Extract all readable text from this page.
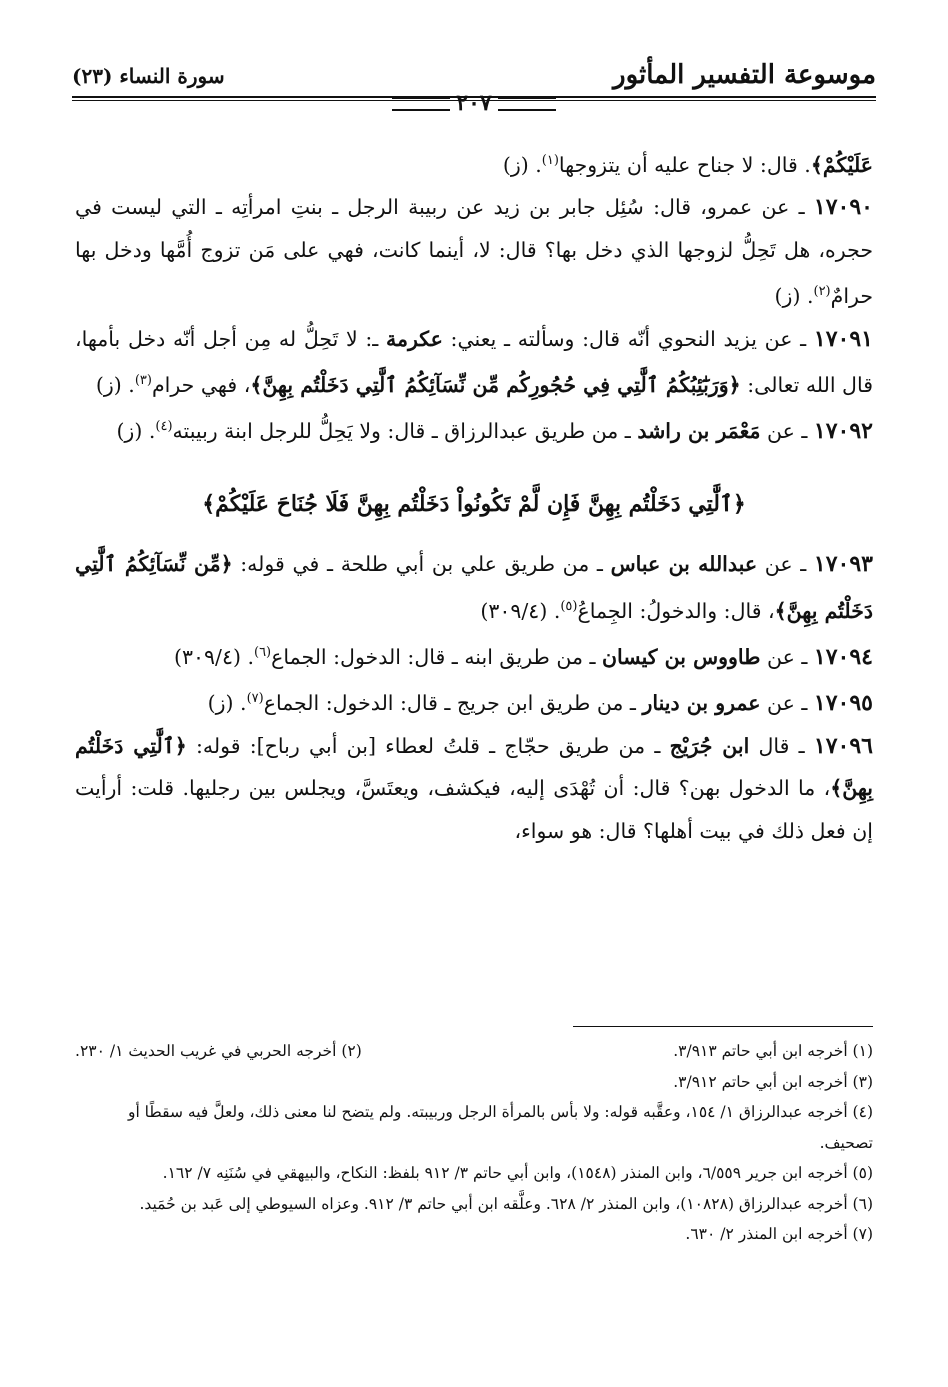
موسوعة التفسير المأثور
سورة النساء (٢٣)
٢٠٧

عَلَيْكُمْ﴾. قال: لا جناح عليه أن يتزوجها$^{(١)}$. (ز)

١٧٠٩٠ ـ عن عمرو، قال: سُئِل جابر بن زيد عن ربيبة الرجل ـ بنتِ امرأتِه ـ التي ليست في حجره، هل تَحِلُّ لزوجها الذي دخل بها؟ قال: لا، أينما كانت، فهي على مَن تزوج أُمَّها ودخل بها حرامٌ$^{(٢)}$. (ز)

١٧٠٩١ ـ عن يزيد النحوي أنّه قال: وسألته ـ يعني: عكرمة ـ: لا تَحِلُّ له مِن أجل أنّه دخل بأمها، قال الله تعالى: ﴿وَرَبَٰٓئِبُكُمُ ٱلَّٰتِي فِي حُجُورِكُم مِّن نِّسَآئِكُمُ ٱلَّٰتِي دَخَلْتُم بِهِنَّ﴾، فهي حرام$^{(٣)}$. (ز)

١٧٠٩٢ ـ عن مَعْمَر بن راشد ـ من طريق عبدالرزاق ـ قال: ولا يَحِلُّ للرجل ابنة ربيبته$^{(٤)}$. (ز)

﴿ٱلَّٰتِي دَخَلْتُم بِهِنَّ فَإِن لَّمْ تَكُونُواْ دَخَلْتُم بِهِنَّ فَلَا جُنَاحَ عَلَيْكُمْ﴾

١٧٠٩٣ ـ عن عبدالله بن عباس ـ من طريق علي بن أبي طلحة ـ في قوله: ﴿مِّن نِّسَآئِكُمُ ٱلَّٰتِي دَخَلْتُم بِهِنَّ﴾، قال: والدخولُ: الجِماعُ$^{(٥)}$. (٣٠٩/٤)

١٧٠٩٤ ـ عن طاووس بن كيسان ـ من طريق ابنه ـ قال: الدخول: الجماع$^{(٦)}$. (٣٠٩/٤)

١٧٠٩٥ ـ عن عمرو بن دينار ـ من طريق ابن جريج ـ قال: الدخول: الجماع$^{(٧)}$. (ز)

١٧٠٩٦ ـ قال ابن جُرَيْج ـ من طريق حجّاج ـ قلتُ لعطاء [بن أبي رباح]: قوله: ﴿ٱلَّٰتِي دَخَلْتُم بِهِنَّ﴾، ما الدخول بهن؟ قال: أن تُهْدَى إليه، فيكشف، ويعتَسَّ، ويجلس بين رجليها. قلت: أرأيت إن فعل ذلك في بيت أهلها؟ قال: هو سواء،

(١) أخرجه ابن أبي حاتم ٣/٩١٣.
(٢) أخرجه الحربي في غريب الحديث ١/ ٢٣٠.
(٣) أخرجه ابن أبي حاتم ٣/٩١٢.
(٤) أخرجه عبدالرزاق ١/ ١٥٤، وعقَّبه قوله: ولا بأس بالمرأة الرجل وربيبته. ولم يتضح لنا معنى ذلك، ولعلَّ فيه سقطًا أو تصحيف.
(٥) أخرجه ابن جرير ٦/٥٥٩، وابن المنذر (١٥٤٨)، وابن أبي حاتم ٣/ ٩١٢ بلفظ: النكاح، والبيهقي في سُنَنِه ٧/ ١٦٢.
(٦) أخرجه عبدالرزاق (١٠٨٢٨)، وابن المنذر ٢/ ٦٢٨. وعلَّقه ابن أبي حاتم ٣/ ٩١٢. وعزاه السيوطي إلى عَبد بن حُمَيد.
(٧) أخرجه ابن المنذر ٢/ ٦٣٠.
